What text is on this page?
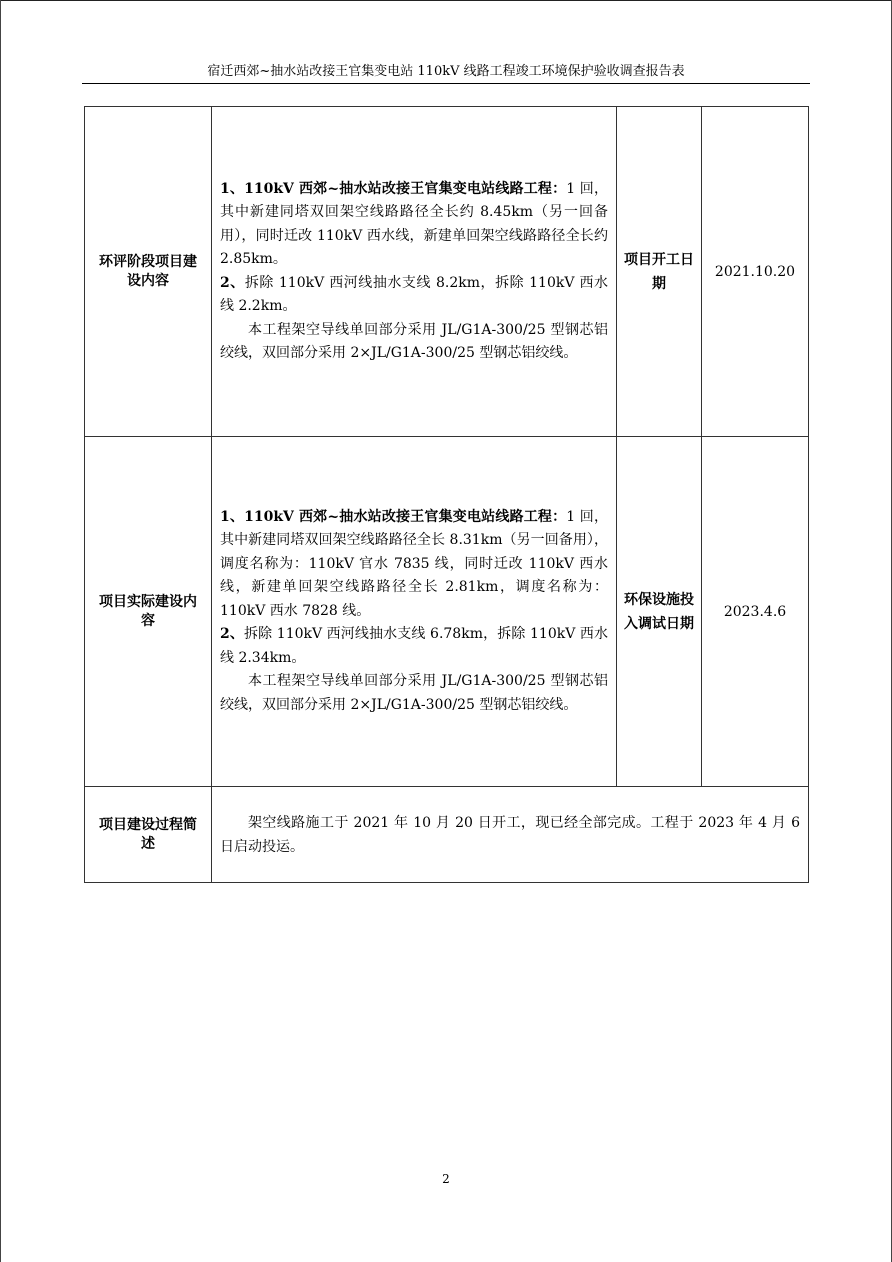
宿迁西郊~抽水站改接王官集变电站 110kV 线路工程竣工环境保护验收调查报告表
环评阶段项目建设内容	1、110kV 西郊~抽水站改接王官集变电站线路工程：1 回，其中新建同塔双回架空线路路径全长约 8.45km（另一回备用），同时迁改 110kV 西水线，新建单回架空线路路径全长约 2.85km。

2、拆除 110kV 西河线抽水支线 8.2km，拆除 110kV 西水线 2.2km。

本工程架空导线单回部分采用 JL/G1A-300/25 型钢芯铝绞线，双回部分采用 2×JL/G1A-300/25 型钢芯铝绞线。	项目开工日期	2021.10.20
项目实际建设内容	1、110kV 西郊~抽水站改接王官集变电站线路工程：1 回，其中新建同塔双回架空线路路径全长 8.31km（另一回备用），调度名称为：110kV 官水 7835 线，同时迁改 110kV 西水线，新建单回架空线路路径全长 2.81km，调度名称为：110kV 西水 7828 线。

2、拆除 110kV 西河线抽水支线 6.78km，拆除 110kV 西水线 2.34km。

本工程架空导线单回部分采用 JL/G1A-300/25 型钢芯铝绞线，双回部分采用 2×JL/G1A-300/25 型钢芯铝绞线。	环保设施投入调试日期	2023.4.6
项目建设过程简述	架空线路施工于 2021 年 10 月 20 日开工，现已经全部完成。工程于 2023 年 4 月 6 日启动投运。		

2
